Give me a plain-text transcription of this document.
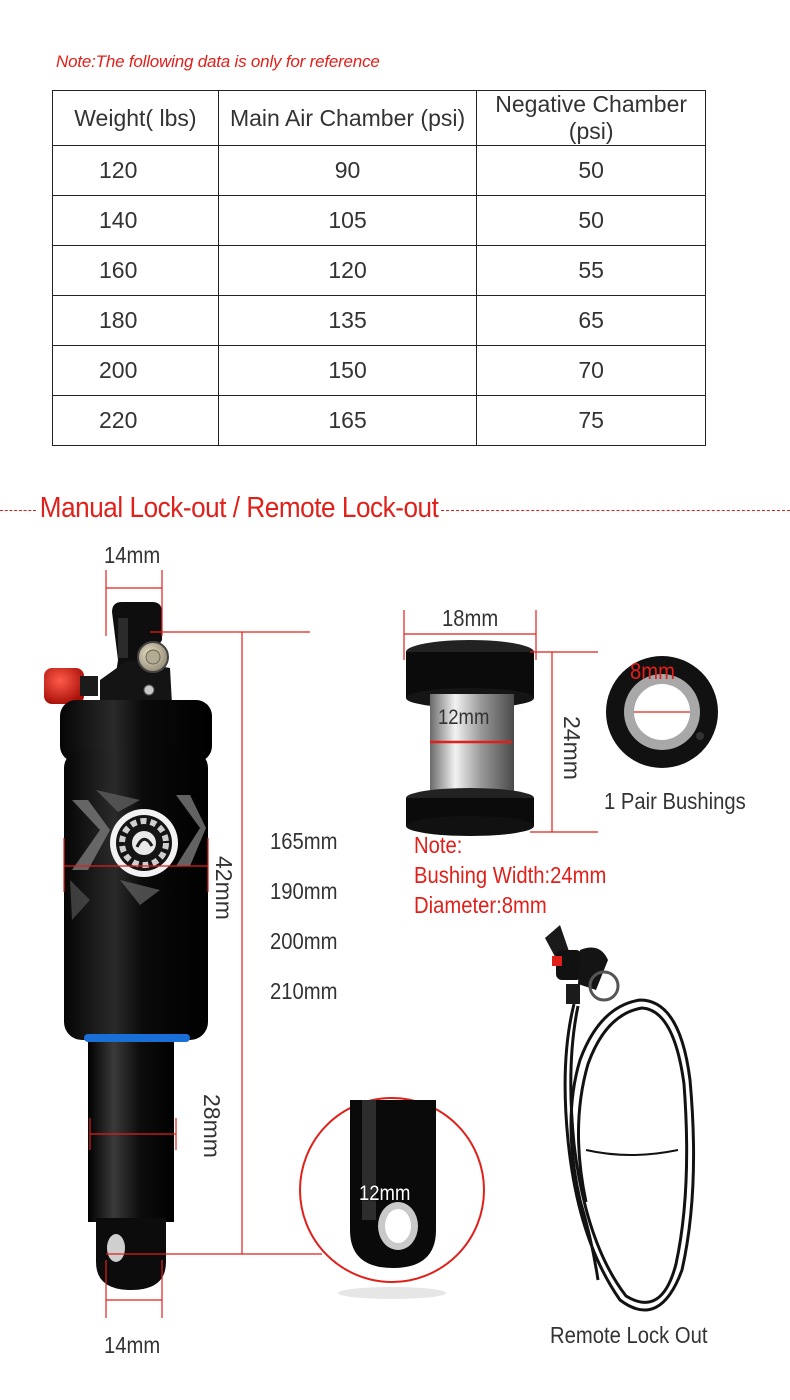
Note:The following data is only for reference
Weight( lbs)	Main Air Chamber (psi)	Negative Chamber (psi)
120	90	50
140	105	50
160	120	55
180	135	65
200	150	70
220	165	75
Manual Lock-out / Remote Lock-out
14mm
14mm
42mm
28mm
165mm
190mm
200mm
210mm
18mm
12mm	24mm
8mm
1 Pair Bushings
Note:
Bushing Width:24mm
Diameter:8mm
12mm
Remote Lock Out
